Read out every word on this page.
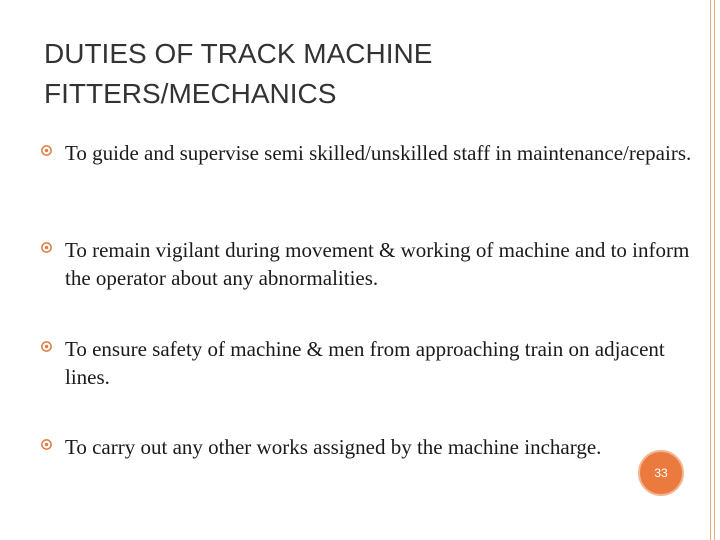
DUTIES OF TRACK MACHINE
FITTERS/MECHANICS
To guide and supervise semi skilled/unskilled staff in maintenance/repairs.
To remain vigilant during movement & working of machine and to inform the operator about any abnormalities.
To ensure safety of machine & men from approaching train on adjacent lines.
To carry out any other works assigned by the machine incharge.
33
